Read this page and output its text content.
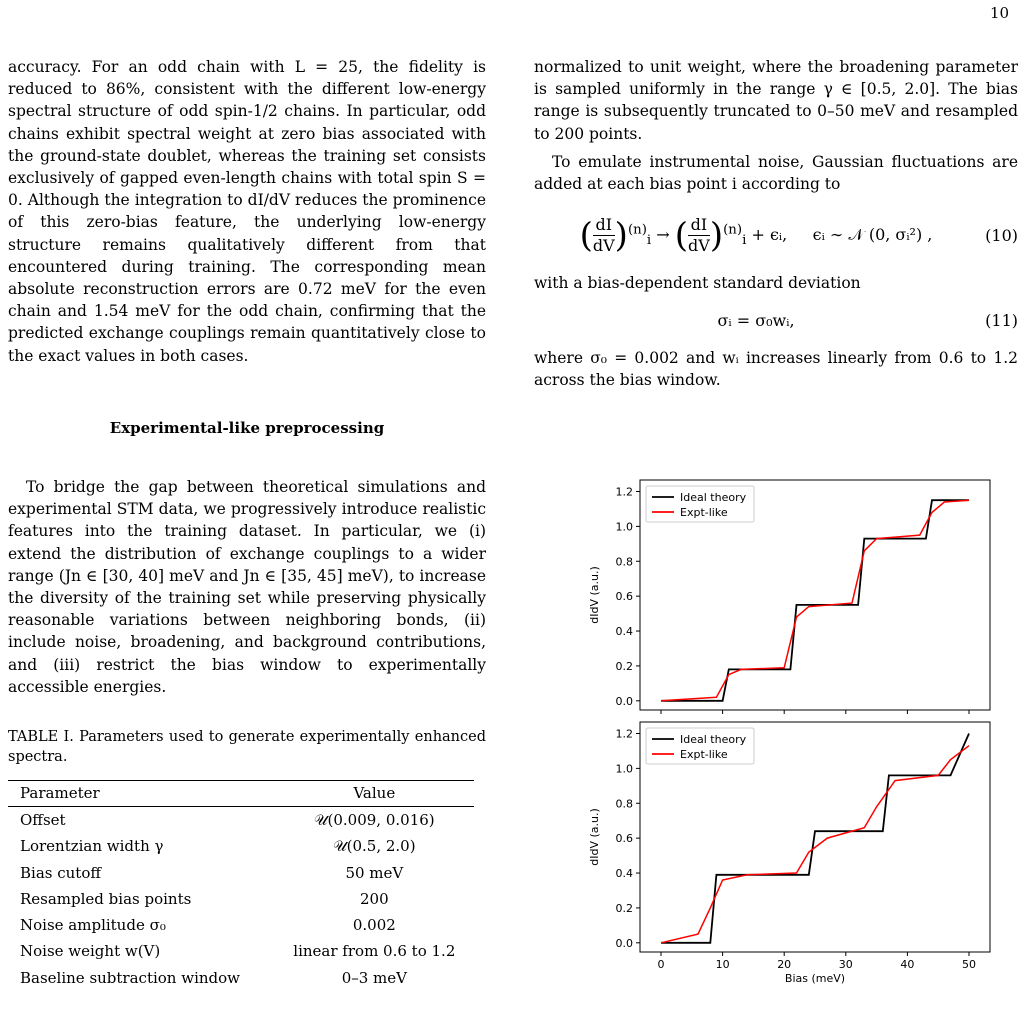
10

accuracy. For an odd chain with L = 25, the fidelity is reduced to 86%, consistent with the different low-energy spectral structure of odd spin-1/2 chains. In particular, odd chains exhibit spectral weight at zero bias associated with the ground-state doublet, whereas the training set consists exclusively of gapped even-length chains with total spin S = 0. Although the integration to dI/dV reduces the prominence of this zero-bias feature, the underlying low-energy structure remains qualitatively different from that encountered during training. The corresponding mean absolute reconstruction errors are 0.72 meV for the even chain and 1.54 meV for the odd chain, confirming that the predicted exchange couplings remain quantitatively close to the exact values in both cases.

Experimental-like preprocessing

To bridge the gap between theoretical simulations and experimental STM data, we progressively introduce realistic features into the training dataset. In particular, we (i) extend the distribution of exchange couplings to a wider range (Jn ∈ [30, 40] meV and Jn ∈ [35, 45] meV), to increase the diversity of the training set while preserving physically reasonable variations between neighboring bonds, (ii) include noise, broadening, and background contributions, and (iii) restrict the bias window to experimentally accessible energies.

TABLE I. Parameters used to generate experimentally enhanced spectra.

Parameter	Value
Offset	𝒰(0.009, 0.016)
Lorentzian width γ	𝒰(0.5, 2.0)
Bias cutoff	50 meV
Resampled bias points	200
Noise amplitude σ₀	0.002
Noise weight w(V)	linear from 0.6 to 1.2
Baseline subtraction window	0–3 meV

normalized to unit weight, where the broadening parameter is sampled uniformly in the range γ ∈ [0.5, 2.0]. The bias range is subsequently truncated to 0–50 meV and resampled to 200 points.

To emulate instrumental noise, Gaussian fluctuations are added at each bias point i according to

( $\frac{dI}{dV} )^{(n)}_i$ → ( $\frac{dI}{dV} )^{(n)}_i$ + ϵᵢ, ϵᵢ ∼ 𝒩 (0, σᵢ²) ,	(10)

with a bias-dependent standard deviation

σᵢ = σ₀wᵢ,	(11)

where σ₀ = 0.002 and wᵢ increases linearly from 0.6 to 1.2 across the bias window.

0.0
0.2
0.4
0.6
0.8
1.0
1.2
dIdV (a.u.)
Ideal theory
Expt-like
0.0
0.2
0.4
0.6
0.8
1.0
1.2
0	10	20	30	40	50
Bias (meV)
dIdV (a.u.)
Ideal theory
Expt-like
